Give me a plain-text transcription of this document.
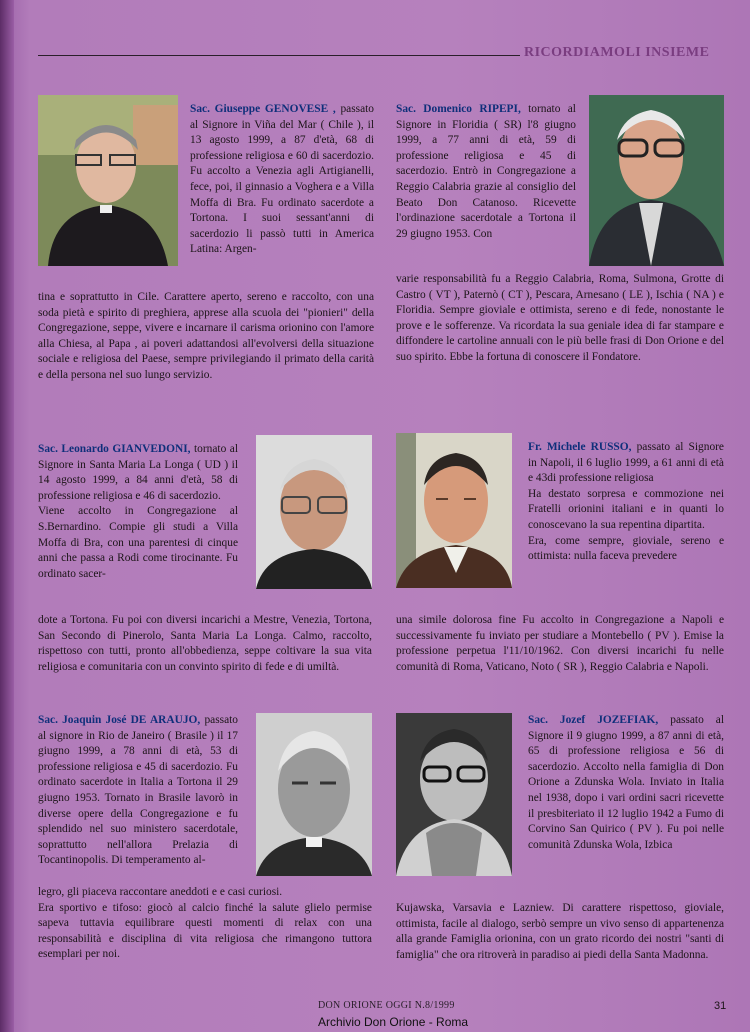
RICORDIAMOLI INSIEME
Sac. Giuseppe GENOVESE , passato al Signore in Viña del Mar ( Chile ), il 13 agosto 1999, a 87 d'età, 68 di professione religiosa e 60 di sacerdozio. Fu accolto a Venezia agli Artigianelli, fece, poi, il ginnasio a Voghera e a Villa Moffa di Bra. Fu ordinato sacerdote a Tortona. I suoi sessant'anni di sacerdozio li passò tutti in America Latina: Argen-
tina e soprattutto in Cile. Carattere aperto, sereno e raccolto, con una soda pietà e spirito di preghiera, apprese alla scuola dei "pionieri" della Congregazione, seppe, vivere e incarnare il carisma orionino con l'amore alla Chiesa, al Papa , ai poveri adattandosi all'evolversi della situazione sociale e religiosa del Paese, sempre privilegiando il primato della carità e della persona nel suo lungo servizio.
Sac. Domenico RIPEPI, tornato al Signore in Floridia ( SR) l'8 giugno 1999, a 77 anni di età, 59 di professione religiosa e 45 di sacerdozio. Entrò in Congregazione a Reggio Calabria grazie al consiglio del Beato Don Catanoso. Ricevette l'ordinazione sacerdotale a Tortona il 29 giugno 1953. Con
varie responsabilità fu a Reggio Calabria, Roma, Sulmona, Grotte di Castro ( VT ), Paternò ( CT ), Pescara, Arnesano ( LE ), Ischia ( NA ) e Floridia. Sempre gioviale e ottimista, sereno e di fede, nonostante le prove e le sofferenze. Va ricordata la sua geniale idea di far stampare e diffondere le cartoline annuali con le più belle frasi di Don Orione e del suo spirito. Ebbe la fortuna di conoscere il Fondatore.

Sac. Leonardo GIANVEDONI, tornato al Signore in Santa Maria La Longa ( UD ) il 14 agosto 1999, a 84 anni d'età, 58 di professione religiosa e 46 di sacerdozio.

Viene accolto in Congregazione al S.Bernardino. Compie gli studi a Villa Moffa di Bra, con una parentesi di cinque anni che passa a Rodi come tirocinante. Fu ordinato sacer-

dote a Tortona. Fu poi con diversi incarichi a Mestre, Venezia, Tortona, San Secondo di Pinerolo, Santa Maria La Longa. Calmo, raccolto, rispettoso con tutti, pronto all'obbedienza, seppe coltivare la sua vita religiosa e comunitaria con un convinto spirito di fede e di umiltà.

Fr. Michele RUSSO, passato al Signore in Napoli, il 6 luglio 1999, a 61 anni di età e 43di professione religiosa

Ha destato sorpresa e commozione nei Fratelli orionini italiani e in quanti lo conoscevano la sua repentina dipartita.

Era, come sempre, gioviale, sereno e ottimista: nulla faceva prevedere

una simile dolorosa fine Fu accolto in Congregazione a Napoli e successivamente fu inviato per studiare a Montebello ( PV ). Emise la professione perpetua l'11/10/1962. Con diversi incarichi fu nelle comunità di Roma, Vaticano, Noto ( SR ), Reggio Calabria e Napoli.
Sac. Joaquin José DE ARAUJO, passato al signore in Rio de Janeiro ( Brasile ) il 17 giugno 1999, a 78 anni di età, 53 di professione religiosa e 45 di sacerdozio. Fu ordinato sacerdote in Italia a Tortona il 29 giugno 1953. Tornato in Brasile lavorò in diverse opere della Congregazione e fu splendido nel suo ministero sacerdotale, soprattutto nell'allora Prelazia di Tocantinopolis. Di temperamento al-

legro, gli piaceva raccontare aneddoti e e casi curiosi.

Era sportivo e tifoso: giocò al calcio finché la salute glielo permise sapeva tuttavia equilibrare questi momenti di relax con una responsabilità e disciplina di vita religiosa che rimangono tuttora esemplari per noi.

Sac. Jozef JOZEFIAK, passato al Signore il 9 giugno 1999, a 87 anni di età, 65 di professione religiosa e 56 di sacerdozio. Accolto nella famiglia di Don Orione a Zdunska Wola. Inviato in Italia nel 1938, dopo i vari ordini sacri ricevette il presbiteriato il 12 luglio 1942 a Fumo di Corvino San Quirico ( PV ). Fu poi nelle comunità Zdunska Wola, Izbica
Kujawska, Varsavia e Lazniew. Di carattere rispettoso, gioviale, ottimista, facile al dialogo, serbò sempre un vivo senso di appartenenza alla grande Famiglia orionina, con un grato ricordo dei nostri "santi di famiglia" che ora ritroverà in paradiso ai piedi della Santa Madonna.
DON ORIONE OGGI N.8/1999	31
Archivio Don Orione - Roma
